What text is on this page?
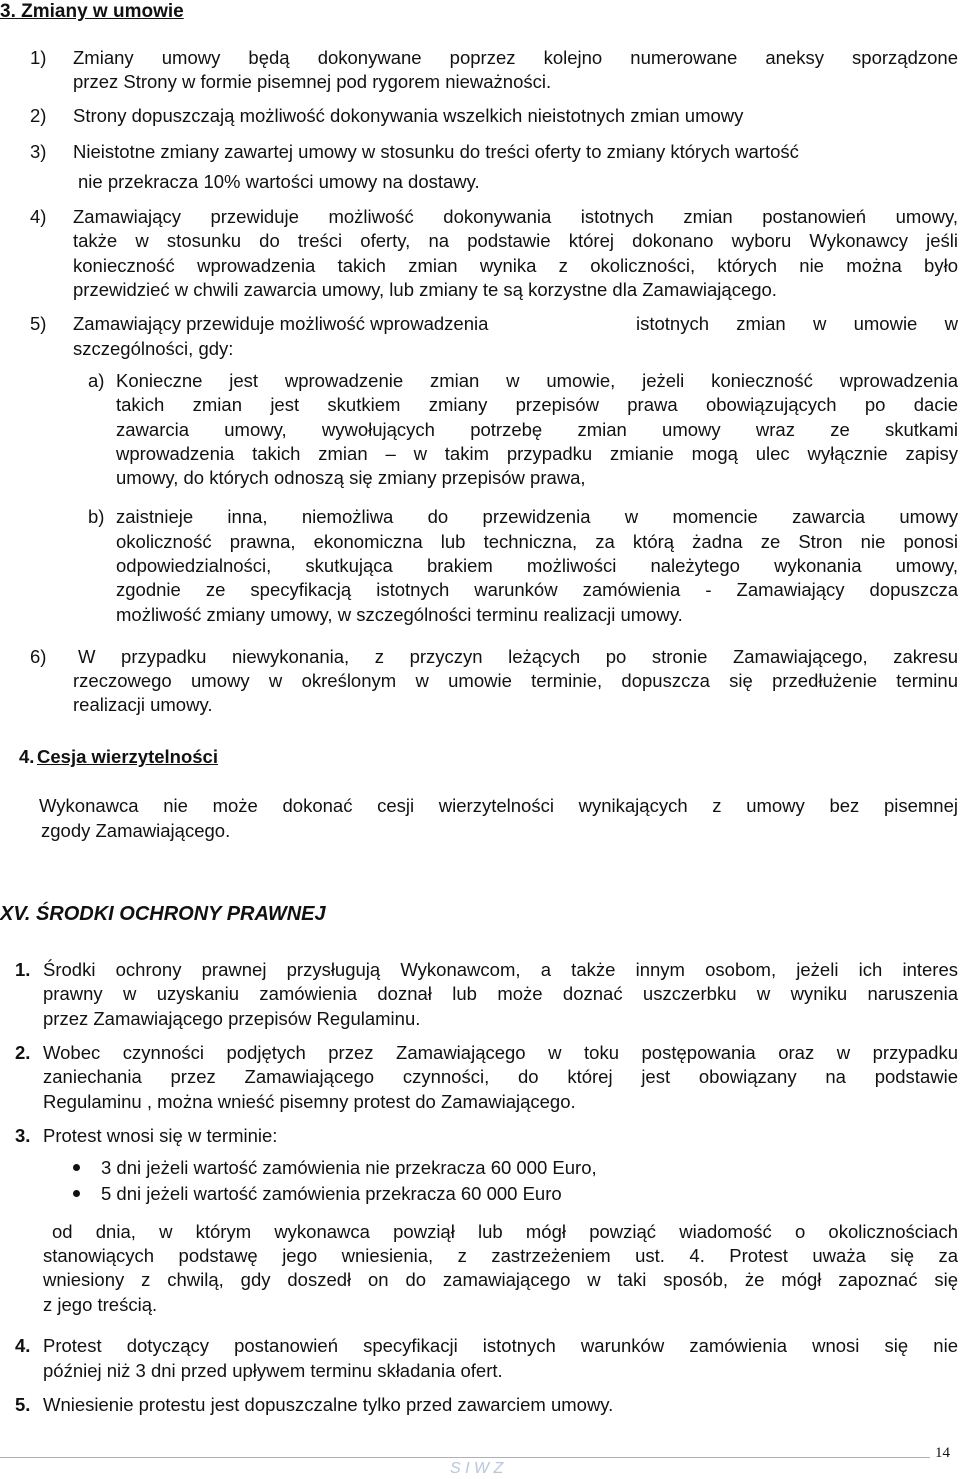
3. Zmiany w umowie
1) Zmiany umowy będą dokonywane poprzez kolejno numerowane aneksy sporządzone
przez Strony w formie pisemnej pod rygorem nieważności.
2) Strony dopuszczają możliwość dokonywania wszelkich nieistotnych zmian umowy
3) Nieistotne zmiany zawartej umowy w stosunku do treści oferty to zmiany których wartość
nie przekracza 10% wartości umowy na dostawy.
4) Zamawiający przewiduje możliwość dokonywania istotnych zmian postanowień umowy,
także w stosunku do treści oferty, na podstawie której dokonano wyboru Wykonawcy jeśli
konieczność wprowadzenia takich zmian wynika z okoliczności, których nie można było
przewidzieć w chwili zawarcia umowy, lub zmiany te są korzystne dla Zamawiającego.
5) Zamawiający przewiduje możliwość wprowadzenia	istotnych zmian w umowie w
szczególności, gdy:
a) Konieczne jest wprowadzenie zmian w umowie, jeżeli konieczność wprowadzenia
takich zmian jest skutkiem zmiany przepisów prawa obowiązujących po dacie
zawarcia umowy, wywołujących potrzebę zmian umowy wraz ze skutkami
wprowadzenia takich zmian – w takim przypadku zmianie mogą ulec wyłącznie zapisy
umowy, do których odnoszą się zmiany przepisów prawa,
b) zaistnieje inna, niemożliwa do przewidzenia w momencie zawarcia umowy
okoliczność prawna, ekonomiczna lub techniczna, za którą żadna ze Stron nie ponosi
odpowiedzialności, skutkująca brakiem możliwości należytego wykonania umowy,
zgodnie ze specyfikacją istotnych warunków zamówienia - Zamawiający dopuszcza
możliwość zmiany umowy, w szczególności terminu realizacji umowy.
6) W przypadku niewykonania, z przyczyn leżących po stronie Zamawiającego, zakresu
rzeczowego umowy w określonym w umowie terminie, dopuszcza się przedłużenie terminu
realizacji umowy.
4. Cesja wierzytelności
Wykonawca nie może dokonać cesji wierzytelności wynikających z umowy bez pisemnej
zgody Zamawiającego.
XV. ŚRODKI OCHRONY PRAWNEJ
1. Środki ochrony prawnej przysługują Wykonawcom, a także innym osobom, jeżeli ich interes
prawny w uzyskaniu zamówienia doznał lub może doznać uszczerbku w wyniku naruszenia
przez Zamawiającego przepisów Regulaminu.
2. Wobec czynności podjętych przez Zamawiającego w toku postępowania oraz w przypadku
zaniechania przez Zamawiającego czynności, do której jest obowiązany na podstawie
Regulaminu , można wnieść pisemny protest do Zamawiającego.
3. Protest wnosi się w terminie:
3 dni jeżeli wartość zamówienia nie przekracza 60 000 Euro,
5 dni jeżeli wartość zamówienia przekracza 60 000 Euro
od dnia, w którym wykonawca powziął lub mógł powziąć wiadomość o okolicznościach
stanowiących podstawę jego wniesienia, z zastrzeżeniem ust. 4. Protest uważa się za
wniesiony z chwilą, gdy doszedł on do zamawiającego w taki sposób, że mógł zapoznać się
z jego treścią.
4. Protest dotyczący postanowień specyfikacji istotnych warunków zamówienia wnosi się nie
później niż 3 dni przed upływem terminu składania ofert.
5. Wniesienie protestu jest dopuszczalne tylko przed zawarciem umowy.
14
S I W Z
